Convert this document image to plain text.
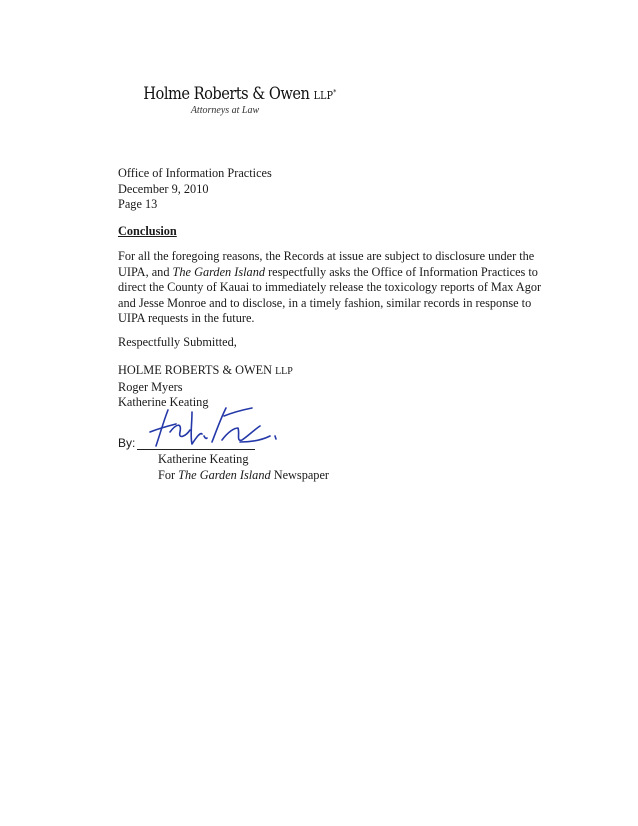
Holme Roberts & Owen LLP*
Attorneys at Law
Office of Information Practices
December 9, 2010
Page 13
Conclusion
For all the foregoing reasons, the Records at issue are subject to disclosure under the
UIPA, and The Garden Island respectfully asks the Office of Information Practices to
direct the County of Kauai to immediately release the toxicology reports of Max Agor
and Jesse Monroe and to disclose, in a timely fashion, similar records in response to
UIPA requests in the future.
Respectfully Submitted,
HOLME ROBERTS & OWEN LLP
Roger Myers
Katherine Keating
By:
Katherine Keating
For The Garden Island Newspaper
